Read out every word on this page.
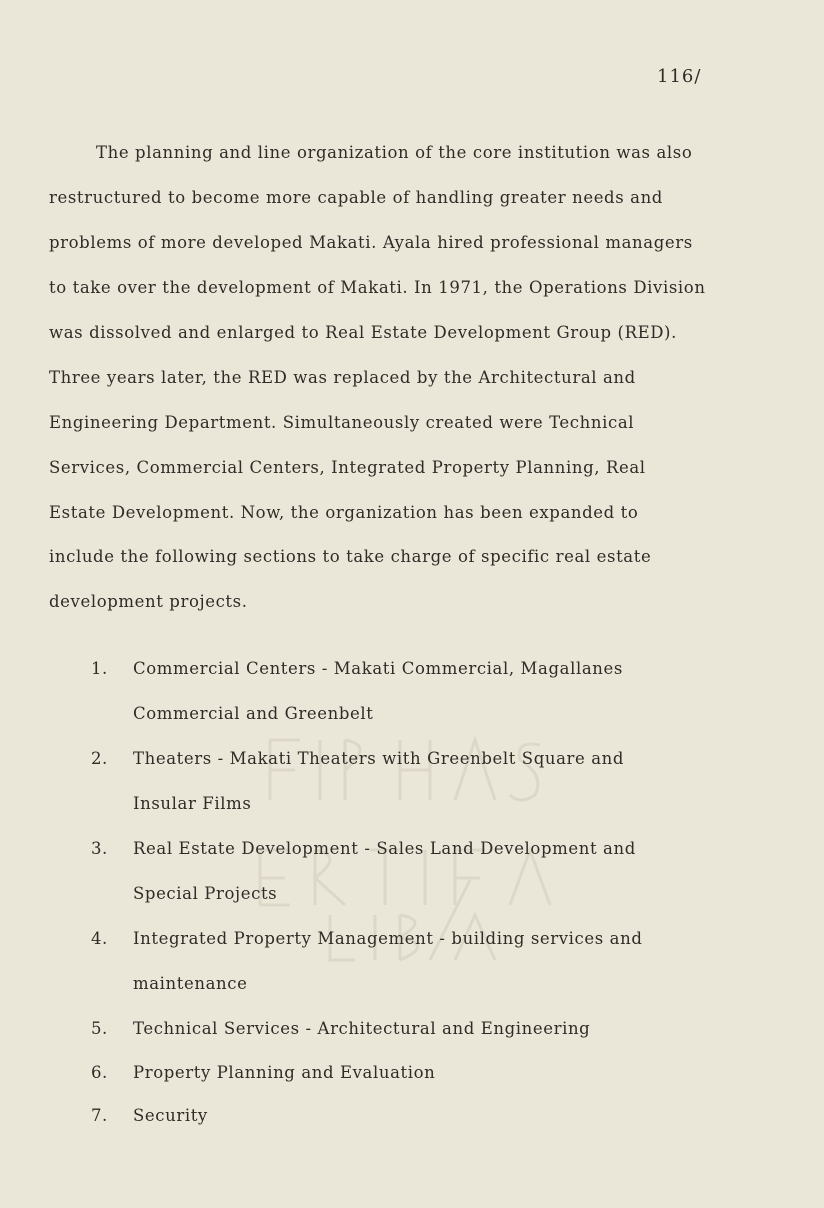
116/
The planning and line organization of the core institution was also
restructured to become more capable of handling greater needs and
problems of more developed Makati. Ayala hired professional managers
to take over the development of Makati. In 1971, the Operations Division
was dissolved and enlarged to Real Estate Development Group (RED).
Three years later, the RED was replaced by the Architectural and
Engineering Department. Simultaneously created were Technical
Services, Commercial Centers, Integrated Property Planning, Real
Estate Development. Now, the organization has been expanded to
include the following sections to take charge of specific real estate
development projects.
1. Commercial Centers - Makati Commercial, Magallanes
Commercial and Greenbelt
2. Theaters - Makati Theaters with Greenbelt Square and
Insular Films
3. Real Estate Development - Sales Land Development and
Special Projects
4. Integrated Property Management - building services and
maintenance
5. Technical Services - Architectural and Engineering
6. Property Planning and Evaluation
7. Security
